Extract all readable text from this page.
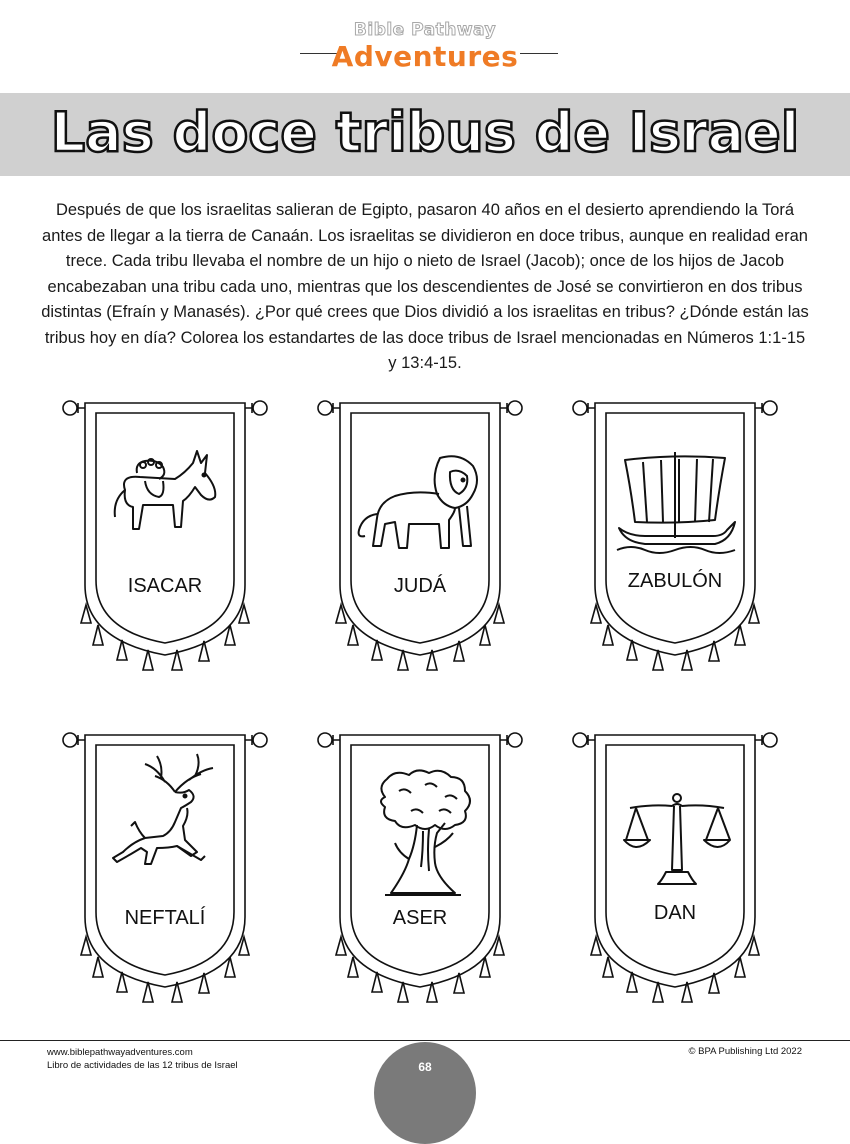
Bible Pathway
Adventures
Las doce tribus de Israel
Después de que los israelitas salieran de Egipto, pasaron 40 años en el desierto aprendiendo la Torá antes de llegar a la tierra de Canaán. Los israelitas se dividieron en doce tribus, aunque en realidad eran trece. Cada tribu llevaba el nombre de un hijo o nieto de Israel (Jacob); once de los hijos de Jacob encabezaban una tribu cada uno, mientras que los descendientes de José se convirtieron en dos tribus distintas (Efraín y Manasés). ¿Por qué crees que Dios dividió a los israelitas en tribus? ¿Dónde están las tribus hoy en día? Colorea los estandartes de las doce tribus de Israel mencionadas en Números 1:1-15 y 13:4-15.
ISACAR	JUDÁ	ZABULÓN
NEFTALÍ	ASER	DAN
www.biblepathwayadventures.com
Libro de actividades de las 12 tribus de Israel
© BPA Publishing Ltd 2022
68
